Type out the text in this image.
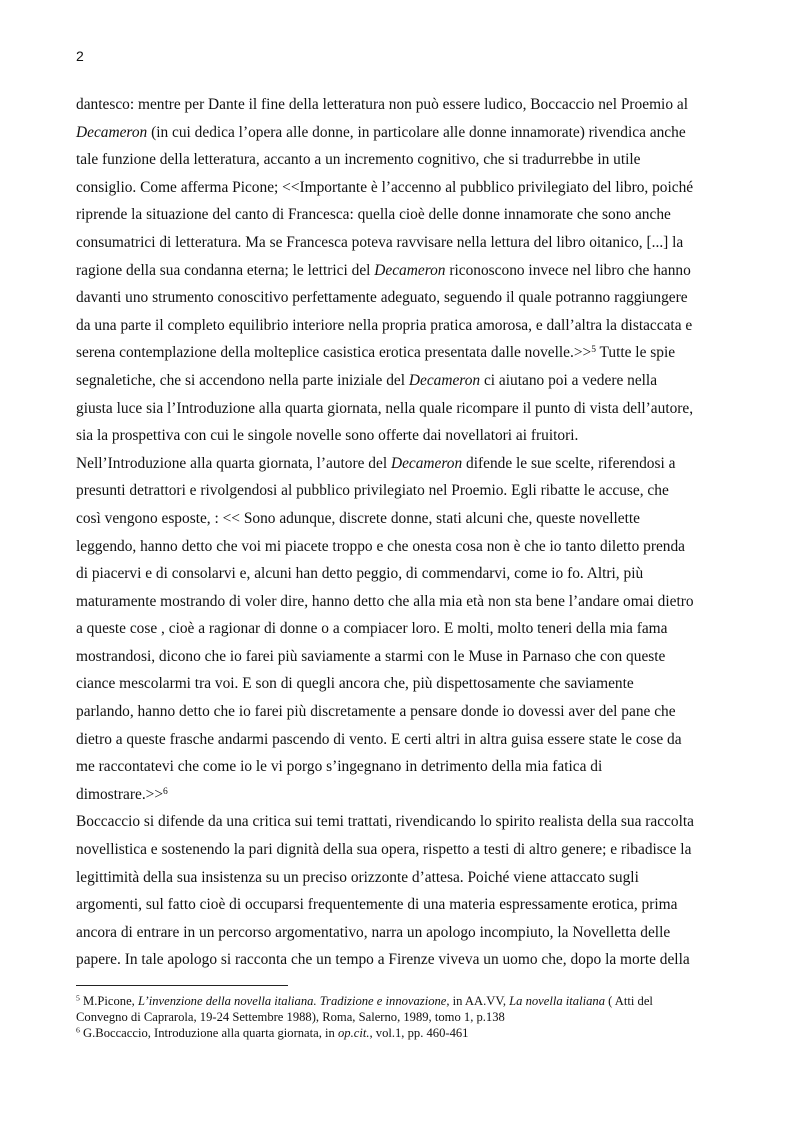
2
dantesco: mentre per Dante il fine della letteratura non può essere ludico, Boccaccio nel Proemio al
Decameron (in cui dedica l’opera alle donne, in particolare alle donne innamorate) rivendica anche
tale funzione della letteratura, accanto a un incremento cognitivo, che si tradurrebbe in utile
consiglio. Come afferma Picone; <<Importante è l’accenno al pubblico privilegiato del libro, poiché
riprende la situazione del canto di Francesca: quella cioè delle donne innamorate che sono anche
consumatrici di letteratura. Ma se Francesca poteva ravvisare nella lettura del libro oitanico, [...] la
ragione della sua condanna eterna; le lettrici del Decameron riconoscono invece nel libro che hanno
davanti uno strumento conoscitivo perfettamente adeguato, seguendo il quale potranno raggiungere
da una parte il completo equilibrio interiore nella propria pratica amorosa, e dall’altra la distaccata e
serena contemplazione della molteplice casistica erotica presentata dalle novelle.>>$^5$ Tutte le spie
segnaletiche, che si accendono nella parte iniziale del Decameron ci aiutano poi a vedere nella
giusta luce sia l’Introduzione alla quarta giornata, nella quale ricompare il punto di vista dell’autore,
sia la prospettiva con cui le singole novelle sono offerte dai novellatori ai fruitori.
Nell’Introduzione alla quarta giornata, l’autore del Decameron difende le sue scelte, riferendosi a
presunti detrattori e rivolgendosi al pubblico privilegiato nel Proemio. Egli ribatte le accuse, che
così vengono esposte, : << Sono adunque, discrete donne, stati alcuni che, queste novellette
leggendo, hanno detto che voi mi piacete troppo e che onesta cosa non è che io tanto diletto prenda
di piacervi e di consolarvi e, alcuni han detto peggio, di commendarvi, come io fo. Altri, più
maturamente mostrando di voler dire, hanno detto che alla mia età non sta bene l’andare omai dietro
a queste cose , cioè a ragionar di donne o a compiacer loro. E molti, molto teneri della mia fama
mostrandosi, dicono che io farei più saviamente a starmi con le Muse in Parnaso che con queste
ciance mescolarmi tra voi. E son di quegli ancora che, più dispettosamente che saviamente
parlando, hanno detto che io farei più discretamente a pensare donde io dovessi aver del pane che
dietro a queste frasche andarmi pascendo di vento. E certi altri in altra guisa essere state le cose da
me raccontatevi che come io le vi porgo s’ingegnano in detrimento della mia fatica di
dimostrare.>>$^6$
Boccaccio si difende da una critica sui temi trattati, rivendicando lo spirito realista della sua raccolta
novellistica e sostenendo la pari dignità della sua opera, rispetto a testi di altro genere; e ribadisce la
legittimità della sua insistenza su un preciso orizzonte d’attesa. Poiché viene attaccato sugli
argomenti, sul fatto cioè di occuparsi frequentemente di una materia espressamente erotica, prima
ancora di entrare in un percorso argomentativo, narra un apologo incompiuto, la Novelletta delle
papere. In tale apologo si racconta che un tempo a Firenze viveva un uomo che, dopo la morte della
$^5$ M.Picone, L’invenzione della novella italiana. Tradizione e innovazione, in AA.VV, La novella italiana ( Atti del
Convegno di Caprarola, 19-24 Settembre 1988), Roma, Salerno, 1989, tomo 1, p.138
$^6$ G.Boccaccio, Introduzione alla quarta giornata, in op.cit., vol.1, pp. 460-461
